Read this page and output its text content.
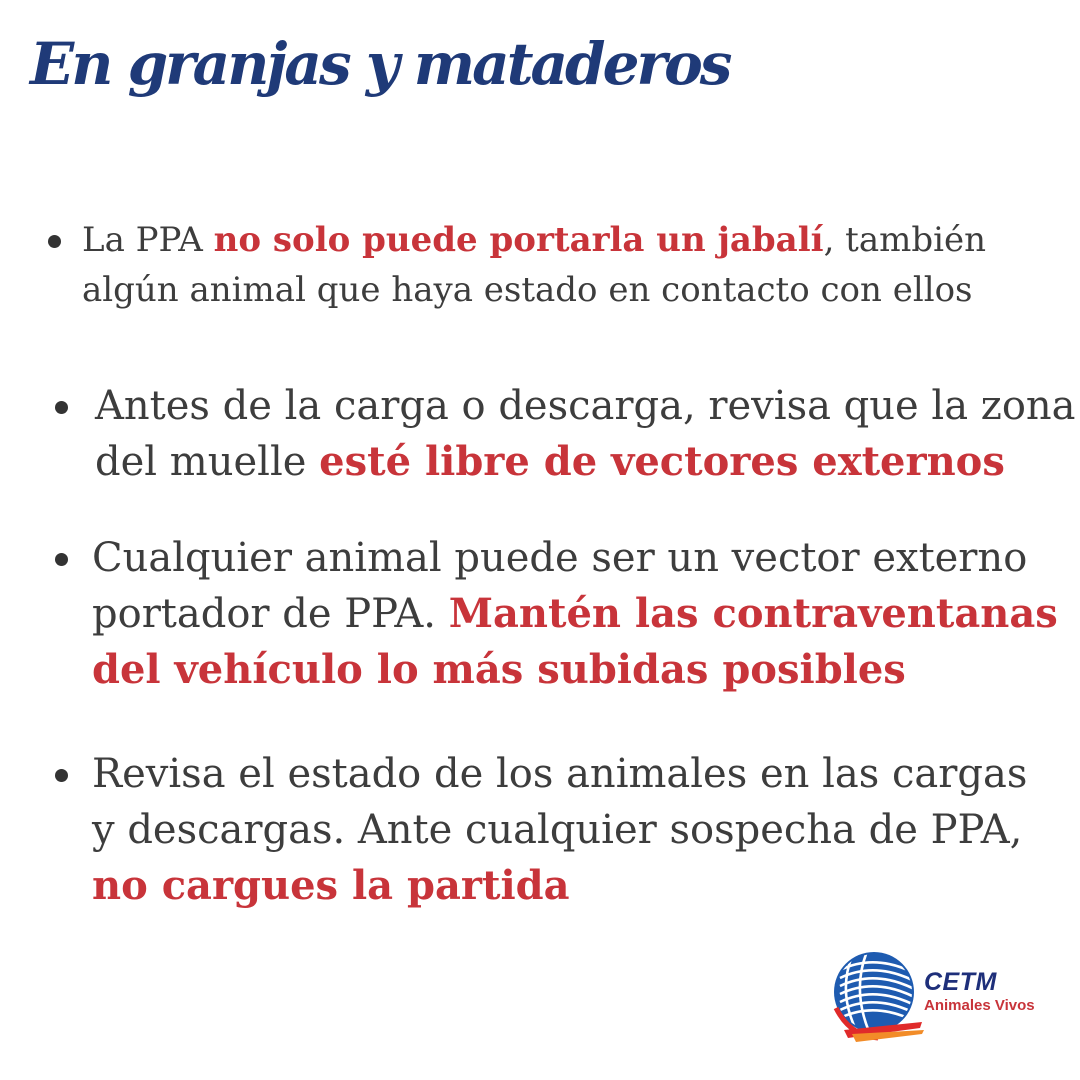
En granjas y mataderos
La PPA no solo puede portarla un jabalí, también
algún animal que haya estado en contacto con ellos
Antes de la carga o descarga, revisa que la zona
del muelle esté libre de vectores externos
Cualquier animal puede ser un vector externo
portador de PPA. Mantén las contraventanas
del vehículo lo más subidas posibles
Revisa el estado de los animales en las cargas
y descargas. Ante cualquier sospecha de PPA,
no cargues la partida
CETM
Animales Vivos
